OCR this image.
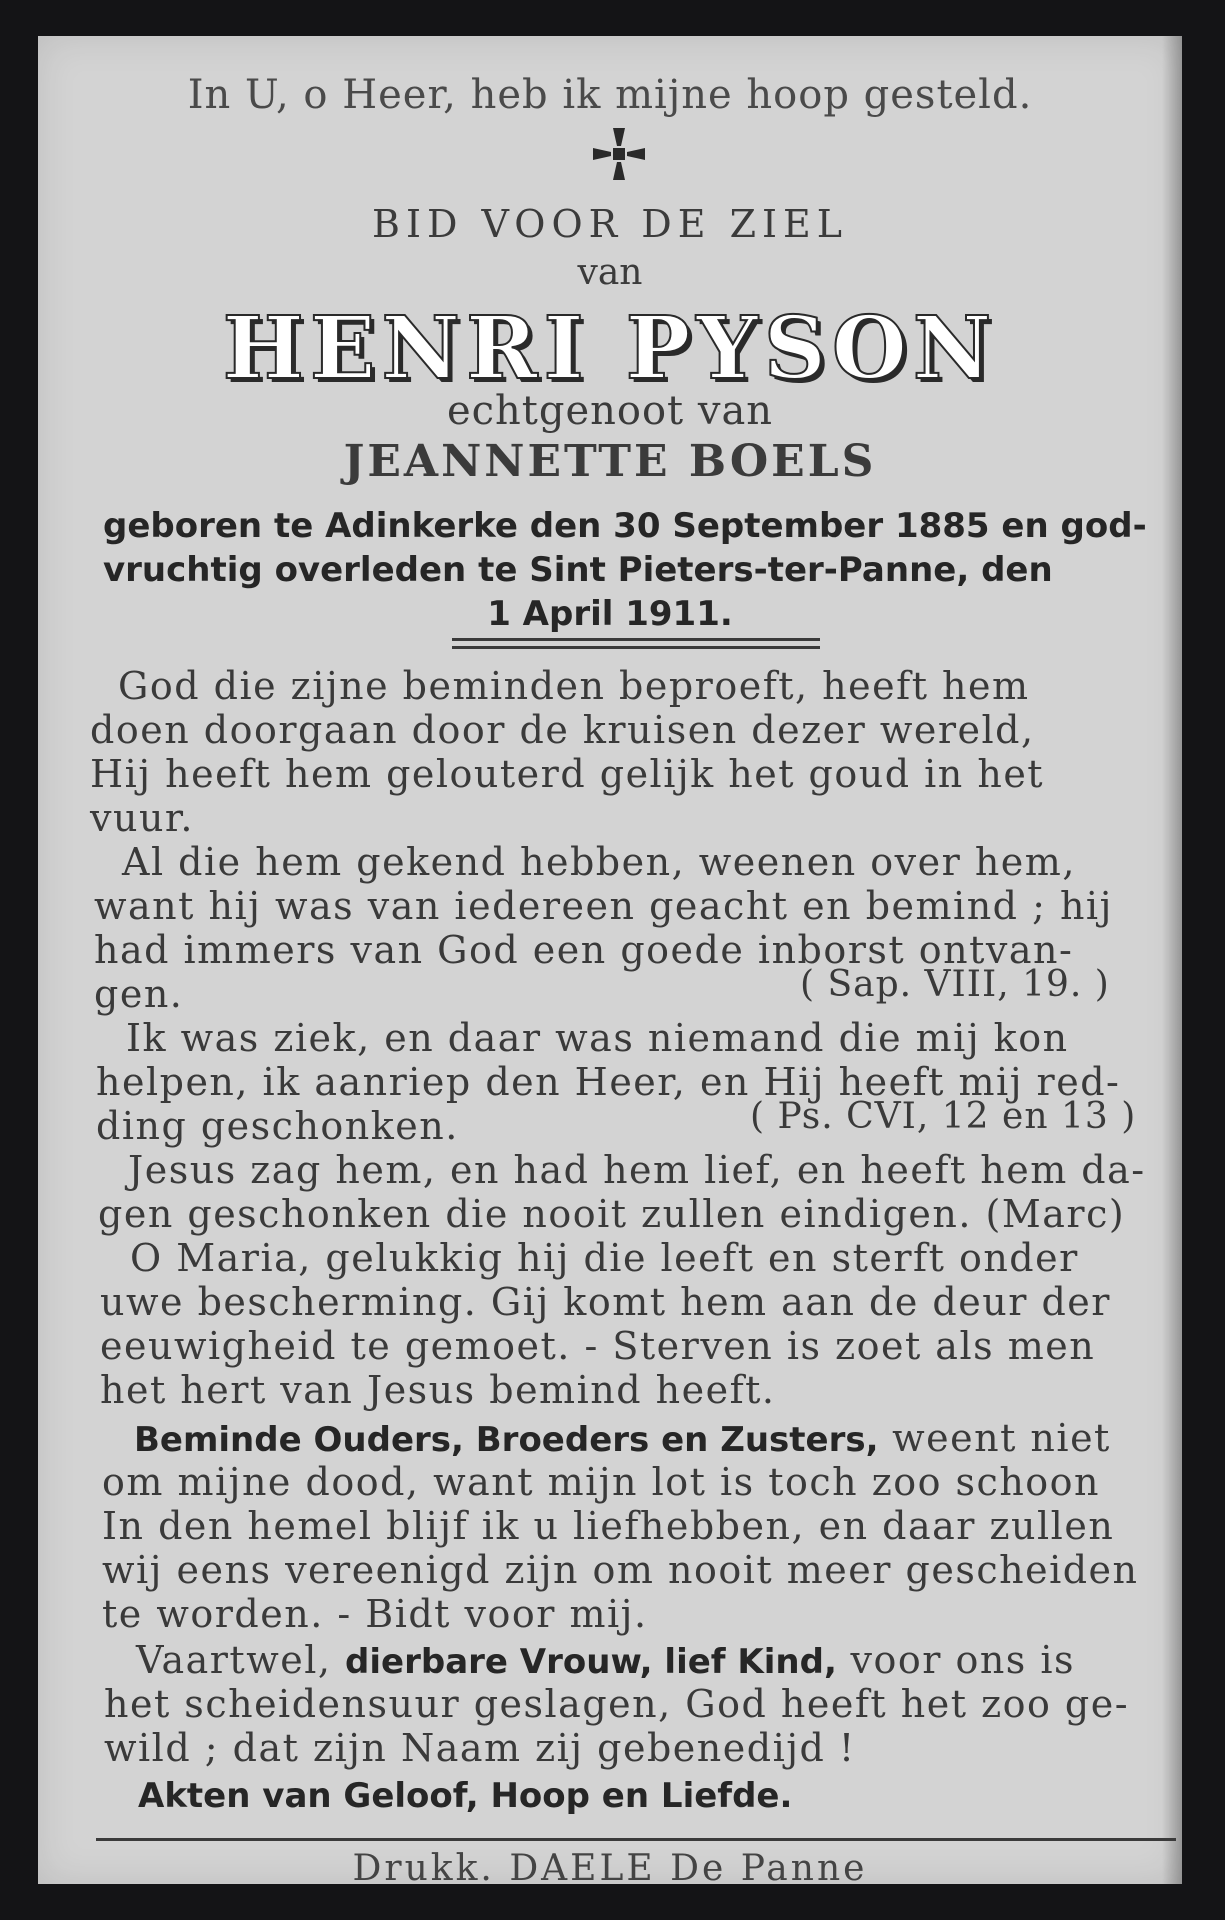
In U, o Heer, heb ik mijne hoop gesteld.
BID VOOR DE ZIEL
van
HENRI PYSON
echtgenoot van
JEANNETTE BOELS
geboren te Adinkerke den 30 September 1885 en god-
vruchtig overleden te Sint Pieters-ter-Panne, den
1 April 1911.
God die zijne beminden beproeft, heeft hem
doen doorgaan door de kruisen dezer wereld,
Hij heeft hem gelouterd gelijk het goud in het
vuur.
Al die hem gekend hebben, weenen over hem,
want hij was van iedereen geacht en bemind ; hij
had immers van God een goede inborst ontvan-
gen.	( Sap. VIII, 19. )
Ik was ziek, en daar was niemand die mij kon
helpen, ik aanriep den Heer, en Hij heeft mij red-
ding geschonken.	( Ps. CVI, 12 en 13 )
Jesus zag hem, en had hem lief, en heeft hem da-
gen geschonken die nooit zullen eindigen. (Marc)
O Maria, gelukkig hij die leeft en sterft onder
uwe bescherming. Gij komt hem aan de deur der
eeuwigheid te gemoet. - Sterven is zoet als men
het hert van Jesus bemind heeft.
Beminde Ouders, Broeders en Zusters, weent niet
om mijne dood, want mijn lot is toch zoo schoon
In den hemel blijf ik u liefhebben, en daar zullen
wij eens vereenigd zijn om nooit meer gescheiden
te worden. - Bidt voor mij.
Vaartwel, dierbare Vrouw, lief Kind, voor ons is
het scheidensuur geslagen, God heeft het zoo ge-
wild ; dat zijn Naam zij gebenedijd !
Akten van Geloof, Hoop en Liefde.
Drukk. DAELE De Panne
